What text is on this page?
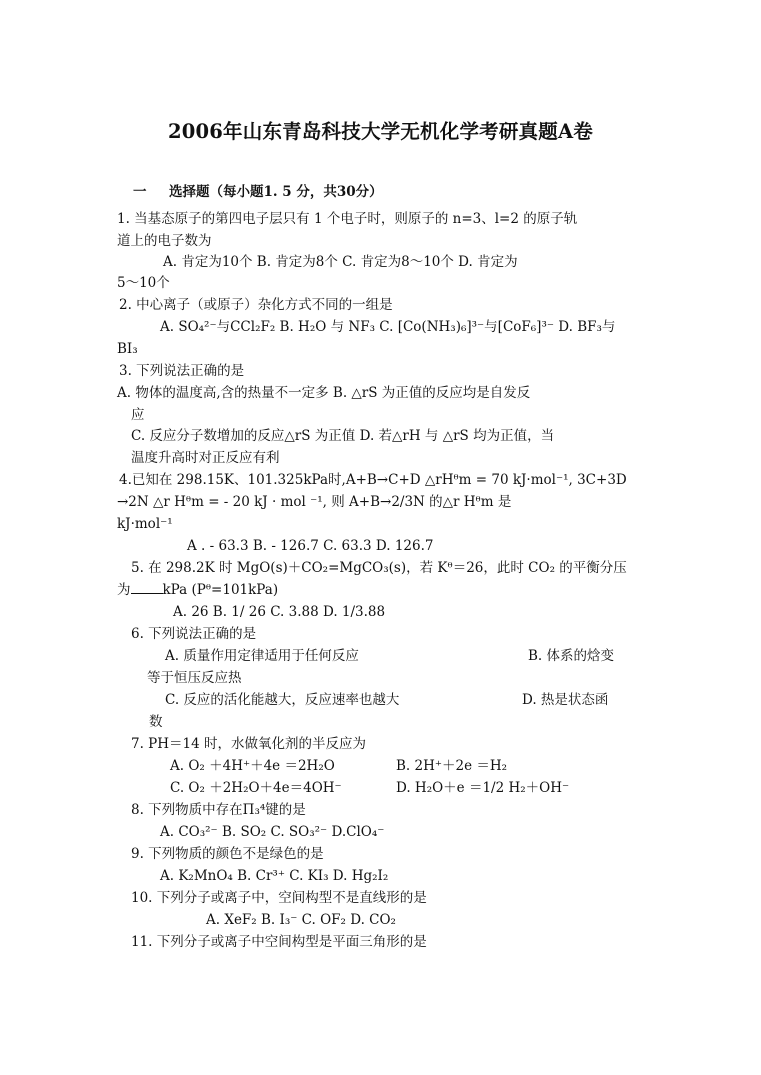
2006年山东青岛科技大学无机化学考研真题A卷
一 选择题（每小题1. 5 分，共30分）
1. 当基态原子的第四电子层只有 1 个电子时，则原子的 n=3、l=2 的原子轨
道上的电子数为
A. 肯定为10个 B. 肯定为8个 C. 肯定为8～10个 D. 肯定为
5～10个
2. 中心离子（或原子）杂化方式不同的一组是
A. SO₄²⁻与CCl₂F₂ B. H₂O 与 NF₃ C. [Co(NH₃)₆]³⁻与[CoF₆]³⁻ D. BF₃与
BI₃
3. 下列说法正确的是
A. 物体的温度高,含的热量不一定多 B. △rS 为正值的反应均是自发反
应
C. 反应分子数增加的反应△rS 为正值 D. 若△rH 与 △rS 均为正值，当
温度升高时对正反应有利
4.已知在 298.15K、101.325kPa时,A+B→C+D △rHᶿm = 70 kJ·mol⁻¹, 3C+3D
→2N △r Hᶿm = - 20 kJ · mol ⁻¹, 则 A+B→2/3N 的△r Hᶿm 是
kJ·mol⁻¹
A . - 63.3 B. - 126.7 C. 63.3 D. 126.7
5. 在 298.2K 时 MgO(s)＋CO₂=MgCO₃(s)，若 Kᶿ＝26，此时 CO₂ 的平衡分压
为 kPa (Pᶿ=101kPa)
A. 26 B. 1/ 26 C. 3.88 D. 1/3.88
6. 下列说法正确的是
A. 质量作用定律适用于任何反应	B. 体系的焓变
等于恒压反应热
C. 反应的活化能越大，反应速率也越大	D. 热是状态函
数
7. PH＝14 时，水做氧化剂的半反应为
A. O₂ ＋4H⁺＋4e ＝2H₂O	B. 2H⁺＋2e ＝H₂
C. O₂ ＋2H₂O＋4e＝4OH⁻	D. H₂O＋e ＝1/2 H₂＋OH⁻
8. 下列物质中存在Π₃⁴键的是
A. CO₃²⁻ B. SO₂ C. SO₃²⁻ D.ClO₄⁻
9. 下列物质的颜色不是绿色的是
A. K₂MnO₄ B. Cr³⁺ C. KI₃ D. Hg₂I₂
10. 下列分子或离子中，空间构型不是直线形的是
A. XeF₂ B. I₃⁻ C. OF₂ D. CO₂
11. 下列分子或离子中空间构型是平面三角形的是
